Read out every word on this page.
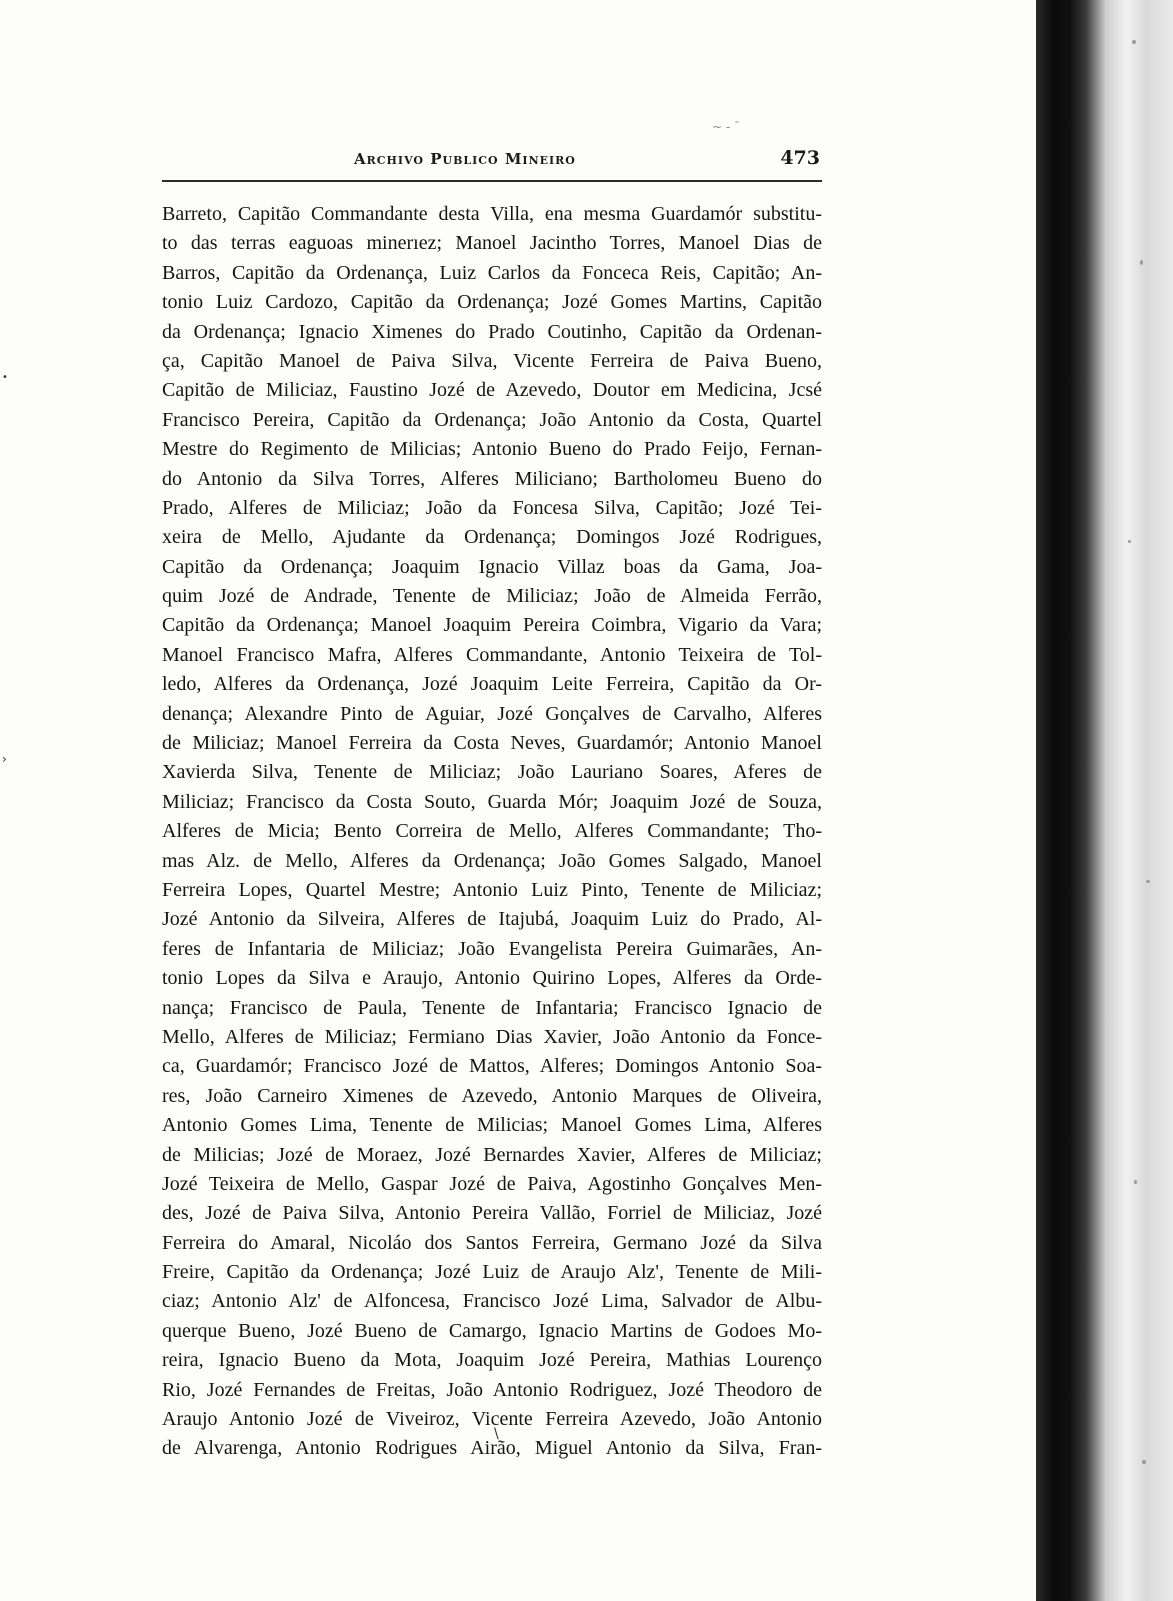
Archivo Publico Mineiro	473
Barreto, Capitão Commandante desta Villa, ena mesma Guardamór substitu-
to das terras eaguoas minerıez; Manoel Jacintho Torres, Manoel Dias de
Barros, Capitão da Ordenança, Luiz Carlos da Fonceca Reis, Capitão; An-
tonio Luiz Cardozo, Capitão da Ordenança; Jozé Gomes Martins, Capitão
da Ordenança; Ignacio Ximenes do Prado Coutinho, Capitão da Ordenan-
ça, Capitão Manoel de Paiva Silva, Vicente Ferreira de Paiva Bueno,
Capitão de Miliciaz, Faustino Jozé de Azevedo, Doutor em Medicina, Jcsé
Francisco Pereira, Capitão da Ordenança; João Antonio da Costa, Quartel
Mestre do Regimento de Milicias; Antonio Bueno do Prado Feijo, Fernan-
do Antonio da Silva Torres, Alferes Miliciano; Bartholomeu Bueno do
Prado, Alferes de Miliciaz; João da Foncesa Silva, Capitão; Jozé Tei-
xeira de Mello, Ajudante da Ordenança; Domingos Jozé Rodrigues,
Capitão da Ordenança; Joaquim Ignacio Villaz boas da Gama, Joa-
quim Jozé de Andrade, Tenente de Miliciaz; João de Almeida Ferrão,
Capitão da Ordenança; Manoel Joaquim Pereira Coimbra, Vigario da Vara;
Manoel Francisco Mafra, Alferes Commandante, Antonio Teixeira de Tol-
ledo, Alferes da Ordenança, Jozé Joaquim Leite Ferreira, Capitão da Or-
denança; Alexandre Pinto de Aguiar, Jozé Gonçalves de Carvalho, Alferes
de Miliciaz; Manoel Ferreira da Costa Neves, Guardamór; Antonio Manoel
Xavierda Silva, Tenente de Miliciaz; João Lauriano Soares, Aferes de
Miliciaz; Francisco da Costa Souto, Guarda Mór; Joaquim Jozé de Souza,
Alferes de Micia; Bento Correira de Mello, Alferes Commandante; Tho-
mas Alz. de Mello, Alferes da Ordenança; João Gomes Salgado, Manoel
Ferreira Lopes, Quartel Mestre; Antonio Luiz Pinto, Tenente de Miliciaz;
Jozé Antonio da Silveira, Alferes de Itajubá, Joaquim Luiz do Prado, Al-
feres de Infantaria de Miliciaz; João Evangelista Pereira Guimarães, An-
tonio Lopes da Silva e Araujo, Antonio Quirino Lopes, Alferes da Orde-
nança; Francisco de Paula, Tenente de Infantaria; Francisco Ignacio de
Mello, Alferes de Miliciaz; Fermiano Dias Xavier, João Antonio da Fonce-
ca, Guardamór; Francisco Jozé de Mattos, Alferes; Domingos Antonio Soa-
res, João Carneiro Ximenes de Azevedo, Antonio Marques de Oliveira,
Antonio Gomes Lima, Tenente de Milicias; Manoel Gomes Lima, Alferes
de Milicias; Jozé de Moraez, Jozé Bernardes Xavier, Alferes de Miliciaz;
Jozé Teixeira de Mello, Gaspar Jozé de Paiva, Agostinho Gonçalves Men-
des, Jozé de Paiva Silva, Antonio Pereira Vallão, Forriel de Miliciaz, Jozé
Ferreira do Amaral, Nicoláo dos Santos Ferreira, Germano Jozé da Silva
Freire, Capitão da Ordenança; Jozé Luiz de Araujo Alz', Tenente de Mili-
ciaz; Antonio Alz' de Alfoncesa, Francisco Jozé Lima, Salvador de Albu-
querque Bueno, Jozé Bueno de Camargo, Ignacio Martins de Godoes Mo-
reira, Ignacio Bueno da Mota, Joaquim Jozé Pereira, Mathias Lourenço
Rio, Jozé Fernandes de Freitas, João Antonio Rodriguez, Jozé Theodoro de
Araujo Antonio Jozé de Viveiroz, Vicente Ferreira Azevedo, João Antonio
de Alvarenga, Antonio Rodrigues Airão, Miguel Antonio da Silva, Fran-
•
›
\
~ ‐ ¯
